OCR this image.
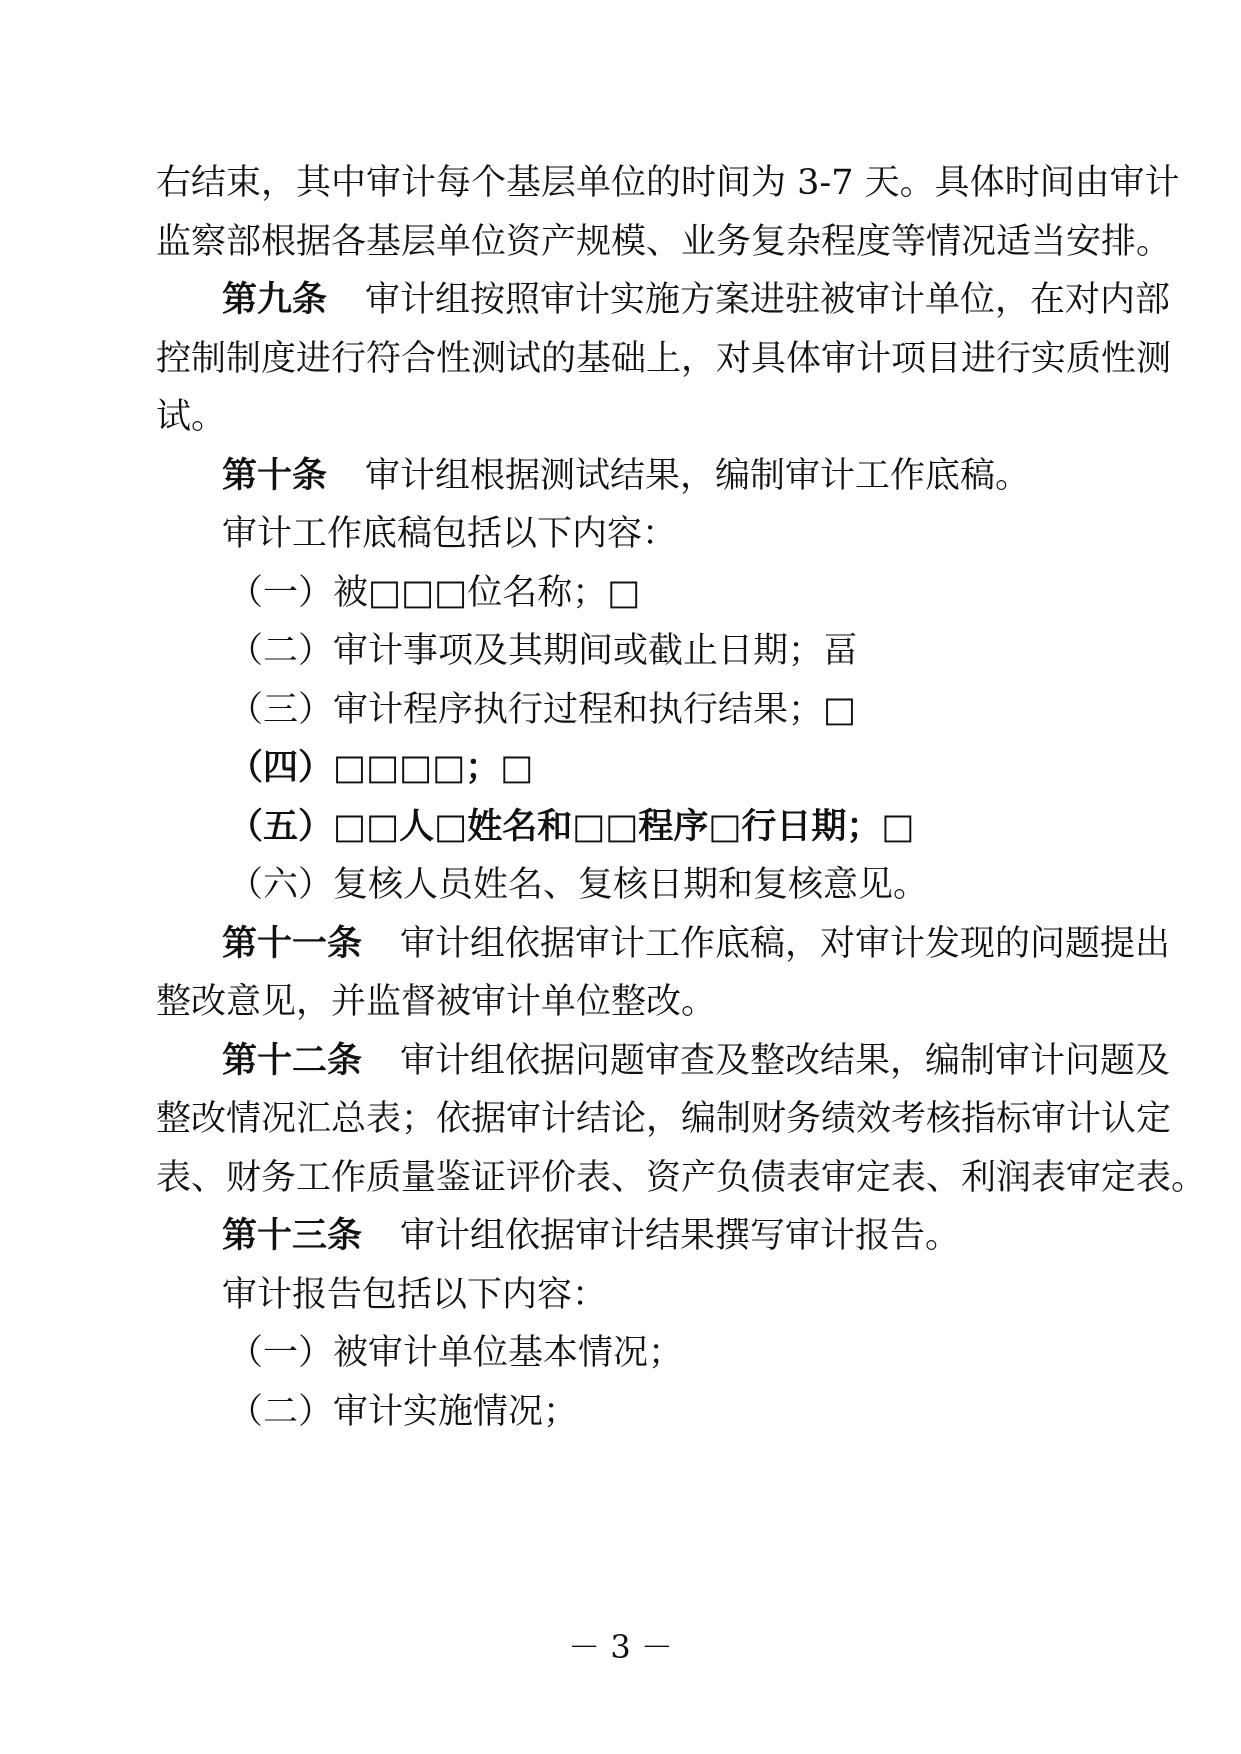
右结束，其中审计每个基层单位的时间为 3-7 天。具体时间由审计
监察部根据各基层单位资产规模、业务复杂程度等情况适当安排。
第九条 审计组按照审计实施方案进驻被审计单位，在对内部
控制制度进行符合性测试的基础上，对具体审计项目进行实质性测
试。
第十条 审计组根据测试结果，编制审计工作底稿。
审计工作底稿包括以下内容：
（一）被□□□位名称；□
（二）审计事项及其期间或截止日期；畐
（三）审计程序执行过程和执行结果；□
（四）□□□□；□
（五）□□人□姓名和□□程序□行日期；□
（六）复核人员姓名、复核日期和复核意见。
第十一条 审计组依据审计工作底稿，对审计发现的问题提出
整改意见，并监督被审计单位整改。
第十二条 审计组依据问题审查及整改结果，编制审计问题及
整改情况汇总表；依据审计结论，编制财务绩效考核指标审计认定
表、财务工作质量鉴证评价表、资产负债表审定表、利润表审定表。
第十三条 审计组依据审计结果撰写审计报告。
审计报告包括以下内容：
（一）被审计单位基本情况；
（二）审计实施情况；
－ 3 －
